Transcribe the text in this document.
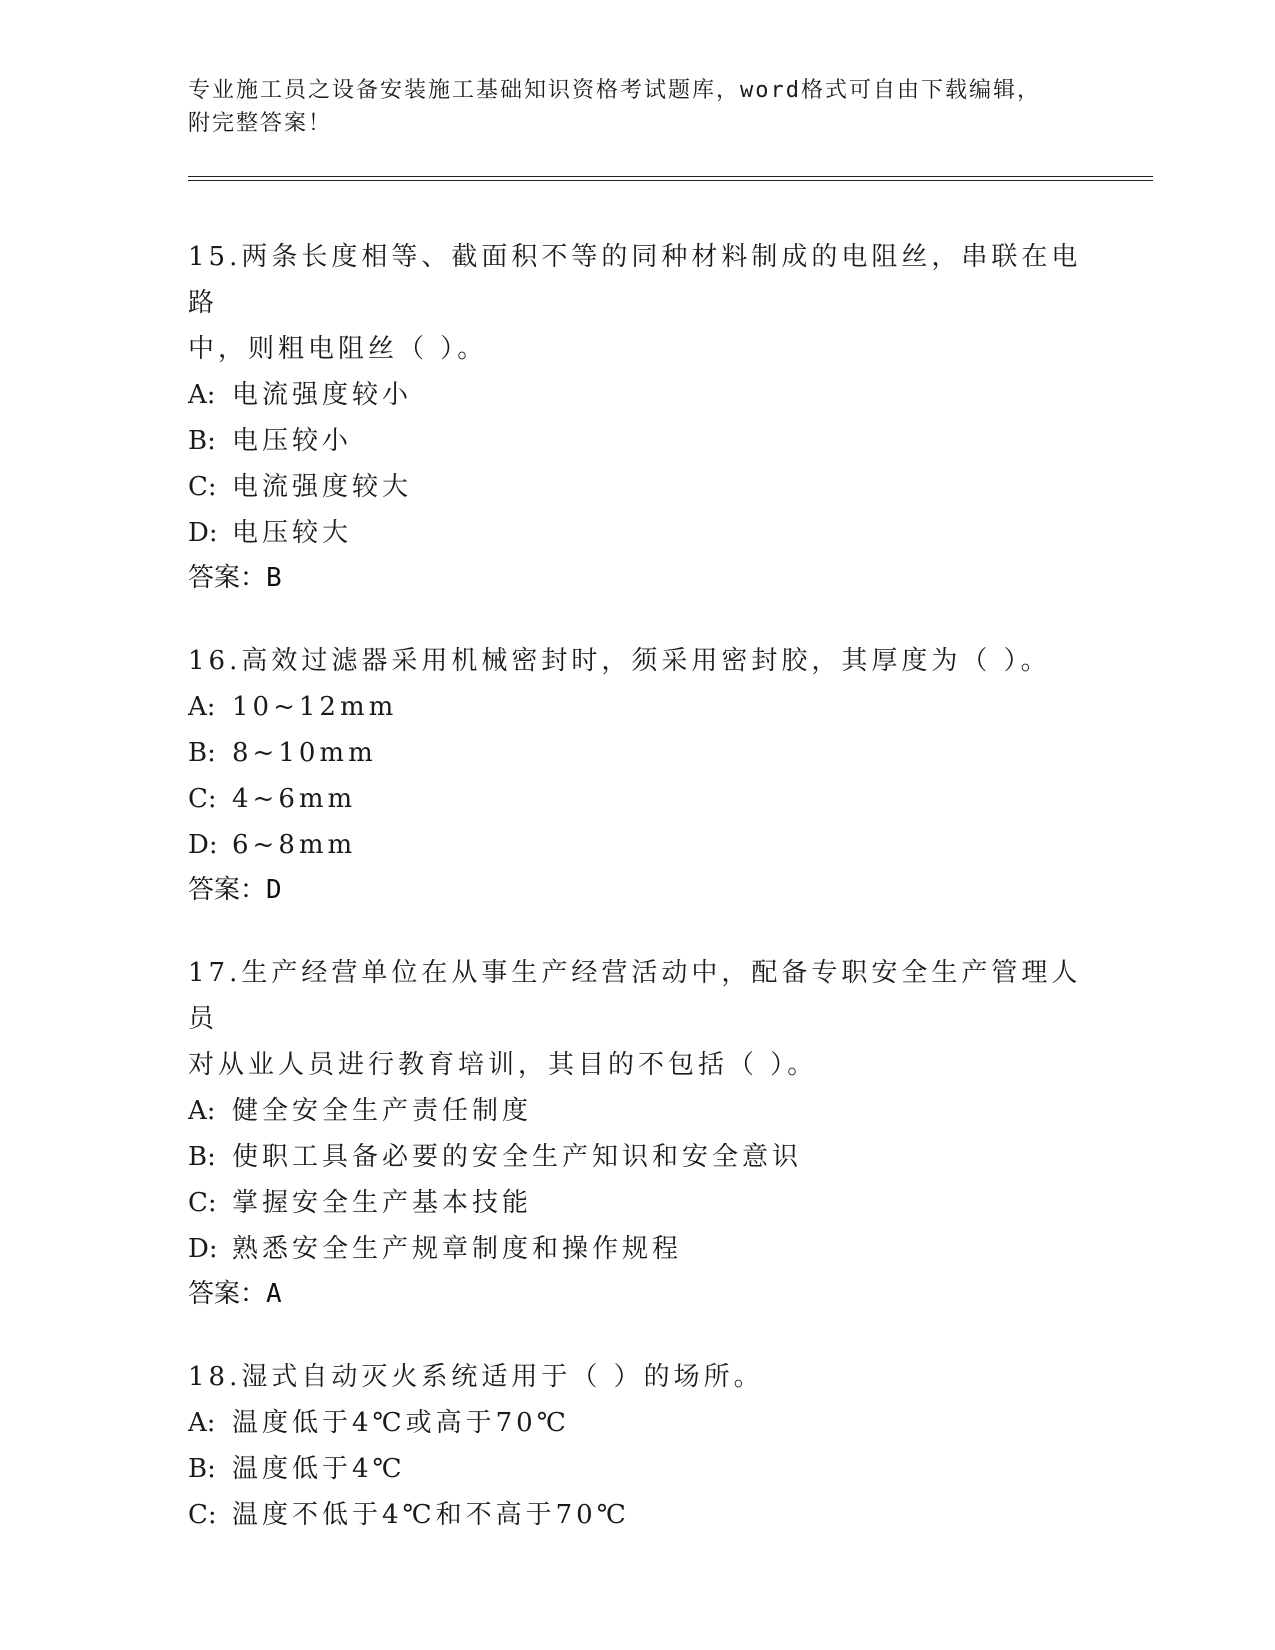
专业施工员之设备安装施工基础知识资格考试题库，word格式可自由下载编辑，
附完整答案！

15.两条长度相等、截面积不等的同种材料制成的电阻丝，串联在电路

中，则粗电阻丝（ ）。

A: 电流强度较小

B: 电压较小

C: 电流强度较大

D: 电压较大

答案：B

16.高效过滤器采用机械密封时，须采用密封胶，其厚度为（ ）。

A: 10~12mm

B: 8~10mm

C: 4~6mm

D: 6~8mm

答案：D

17.生产经营单位在从事生产经营活动中，配备专职安全生产管理人员

对从业人员进行教育培训，其目的不包括（ ）。

A: 健全安全生产责任制度

B: 使职工具备必要的安全生产知识和安全意识

C: 掌握安全生产基本技能

D: 熟悉安全生产规章制度和操作规程

答案：A

18.湿式自动灭火系统适用于（ ）的场所。

A: 温度低于4℃或高于70℃

B: 温度低于4℃

C: 温度不低于4℃和不高于70℃
